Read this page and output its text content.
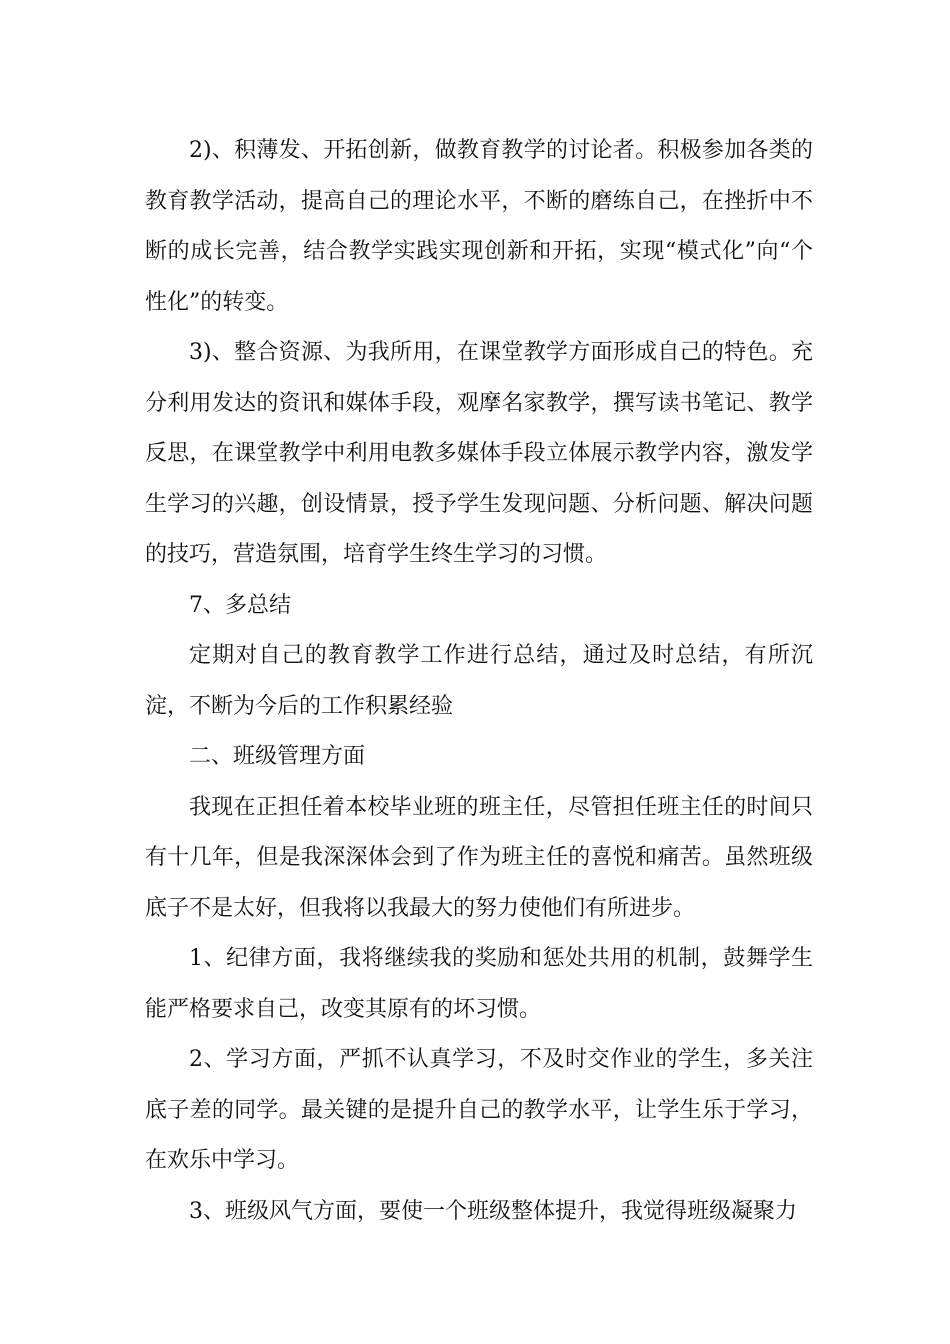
2)、积薄发、开拓创新，做教育教学的讨论者。积极参加各类的教育教学活动，提高自己的理论水平，不断的磨练自己，在挫折中不断的成长完善，结合教学实践实现创新和开拓，实现“模式化”向“个性化”的转变。

3)、整合资源、为我所用，在课堂教学方面形成自己的特色。充分利用发达的资讯和媒体手段，观摩名家教学，撰写读书笔记、教学反思，在课堂教学中利用电教多媒体手段立体展示教学内容，激发学生学习的兴趣，创设情景，授予学生发现问题、分析问题、解决问题的技巧，营造氛围，培育学生终生学习的习惯。

7、多总结

定期对自己的教育教学工作进行总结，通过及时总结，有所沉淀，不断为今后的工作积累经验

二、班级管理方面

我现在正担任着本校毕业班的班主任，尽管担任班主任的时间只有十几年，但是我深深体会到了作为班主任的喜悦和痛苦。虽然班级底子不是太好，但我将以我最大的努力使他们有所进步。

1、纪律方面，我将继续我的奖励和惩处共用的机制，鼓舞学生能严格要求自己，改变其原有的坏习惯。

2、学习方面，严抓不认真学习，不及时交作业的学生，多关注底子差的同学。最关键的是提升自己的教学水平，让学生乐于学习，在欢乐中学习。

3、班级风气方面，要使一个班级整体提升，我觉得班级凝聚力
